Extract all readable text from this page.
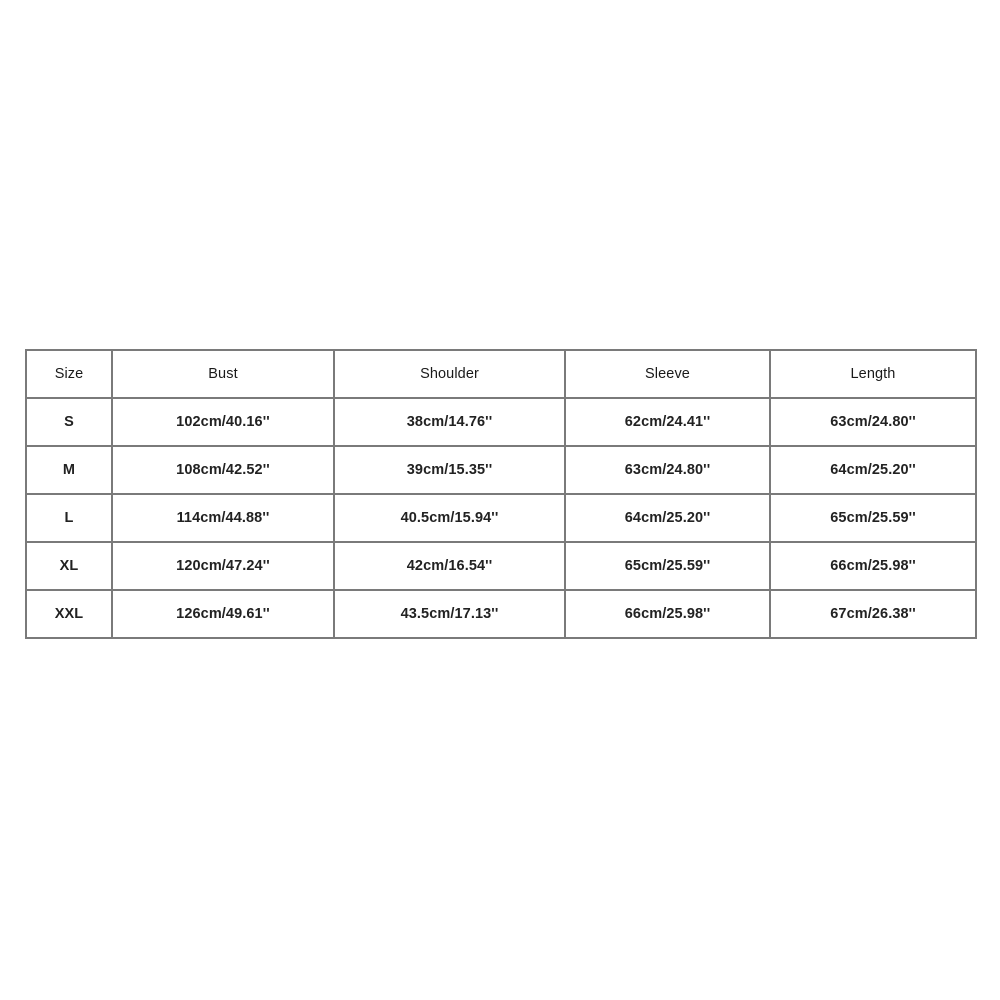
Size	Bust	Shoulder	Sleeve	Length
S	102cm/40.16''	38cm/14.76''	62cm/24.41''	63cm/24.80''
M	108cm/42.52''	39cm/15.35''	63cm/24.80''	64cm/25.20''
L	114cm/44.88''	40.5cm/15.94''	64cm/25.20''	65cm/25.59''
XL	120cm/47.24''	42cm/16.54''	65cm/25.59''	66cm/25.98''
XXL	126cm/49.61''	43.5cm/17.13''	66cm/25.98''	67cm/26.38''
